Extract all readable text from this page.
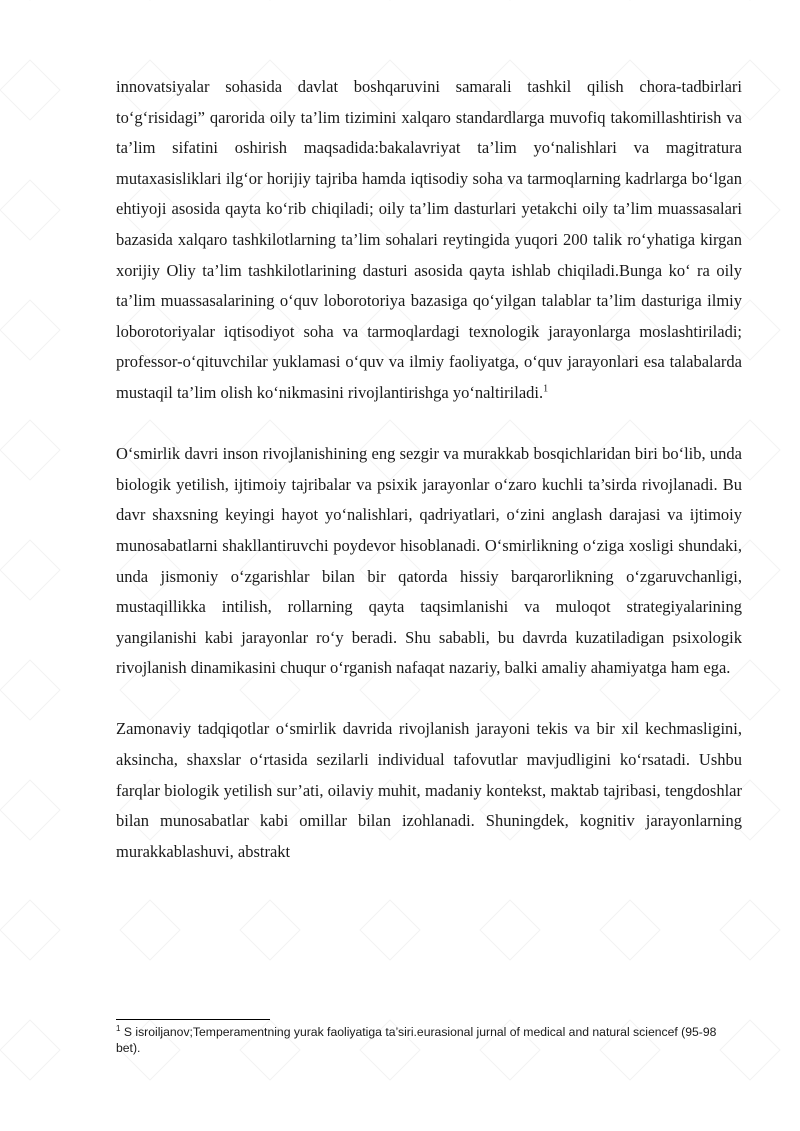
innovatsiyalar sohasida davlat boshqaruvini samarali tashkil qilish chora-tadbirlari to‘g‘risidagi” qarorida oily ta’lim tizimini xalqaro standardlarga muvofiq takomillashtirish va ta’lim sifatini oshirish maqsadida:bakalavriyat ta’lim yo‘nalishlari va magitratura mutaxasisliklari ilg‘or horijiy tajriba hamda iqtisodiy soha va tarmoqlarning kadrlarga bo‘lgan ehtiyoji asosida qayta ko‘rib chiqiladi; oily ta’lim dasturlari yetakchi oily ta’lim muassasalari bazasida xalqaro tashkilotlarning ta’lim sohalari reytingida yuqori 200 talik ro‘yhatiga kirgan xorijiy Oliy ta’lim tashkilotlarining dasturi asosida qayta ishlab chiqiladi.Bunga ko‘ ra oily ta’lim muassasalarining o‘quv loborotoriya bazasiga qo‘yilgan talablar ta’lim dasturiga ilmiy loborotoriyalar iqtisodiyot soha va tarmoqlardagi texnologik jarayonlarga moslashtiriladi; professor-o‘qituvchilar yuklamasi o‘quv va ilmiy faoliyatga, o‘quv jarayonlari esa talabalarda mustaqil ta’lim olish ko‘nikmasini rivojlantirishga yo‘naltiriladi.$^1$

O‘smirlik davri inson rivojlanishining eng sezgir va murakkab bosqichlaridan biri bo‘lib, unda biologik yetilish, ijtimoiy tajribalar va psixik jarayonlar o‘zaro kuchli ta’sirda rivojlanadi. Bu davr shaxsning keyingi hayot yo‘nalishlari, qadriyatlari, o‘zini anglash darajasi va ijtimoiy munosabatlarni shakllantiruvchi poydevor hisoblanadi. O‘smirlikning o‘ziga xosligi shundaki, unda jismoniy o‘zgarishlar bilan bir qatorda hissiy barqarorlikning o‘zgaruvchanligi, mustaqillikka intilish, rollarning qayta taqsimlanishi va muloqot strategiyalarining yangilanishi kabi jarayonlar ro‘y beradi. Shu sababli, bu davrda kuzatiladigan psixologik rivojlanish dinamikasini chuqur o‘rganish nafaqat nazariy, balki amaliy ahamiyatga ham ega.

Zamonaviy tadqiqotlar o‘smirlik davrida rivojlanish jarayoni tekis va bir xil kechmasligini, aksincha, shaxslar o‘rtasida sezilarli individual tafovutlar mavjudligini ko‘rsatadi. Ushbu farqlar biologik yetilish sur’ati, oilaviy muhit, madaniy kontekst, maktab tajribasi, tengdoshlar bilan munosabatlar kabi omillar bilan izohlanadi. Shuningdek, kognitiv jarayonlarning murakkablashuvi, abstrakt

$^1$ S isroiljanov;Temperamentning yurak faoliyatiga ta’siri.eurasional jurnal of medical and natural sciencef (95-98 bet).
